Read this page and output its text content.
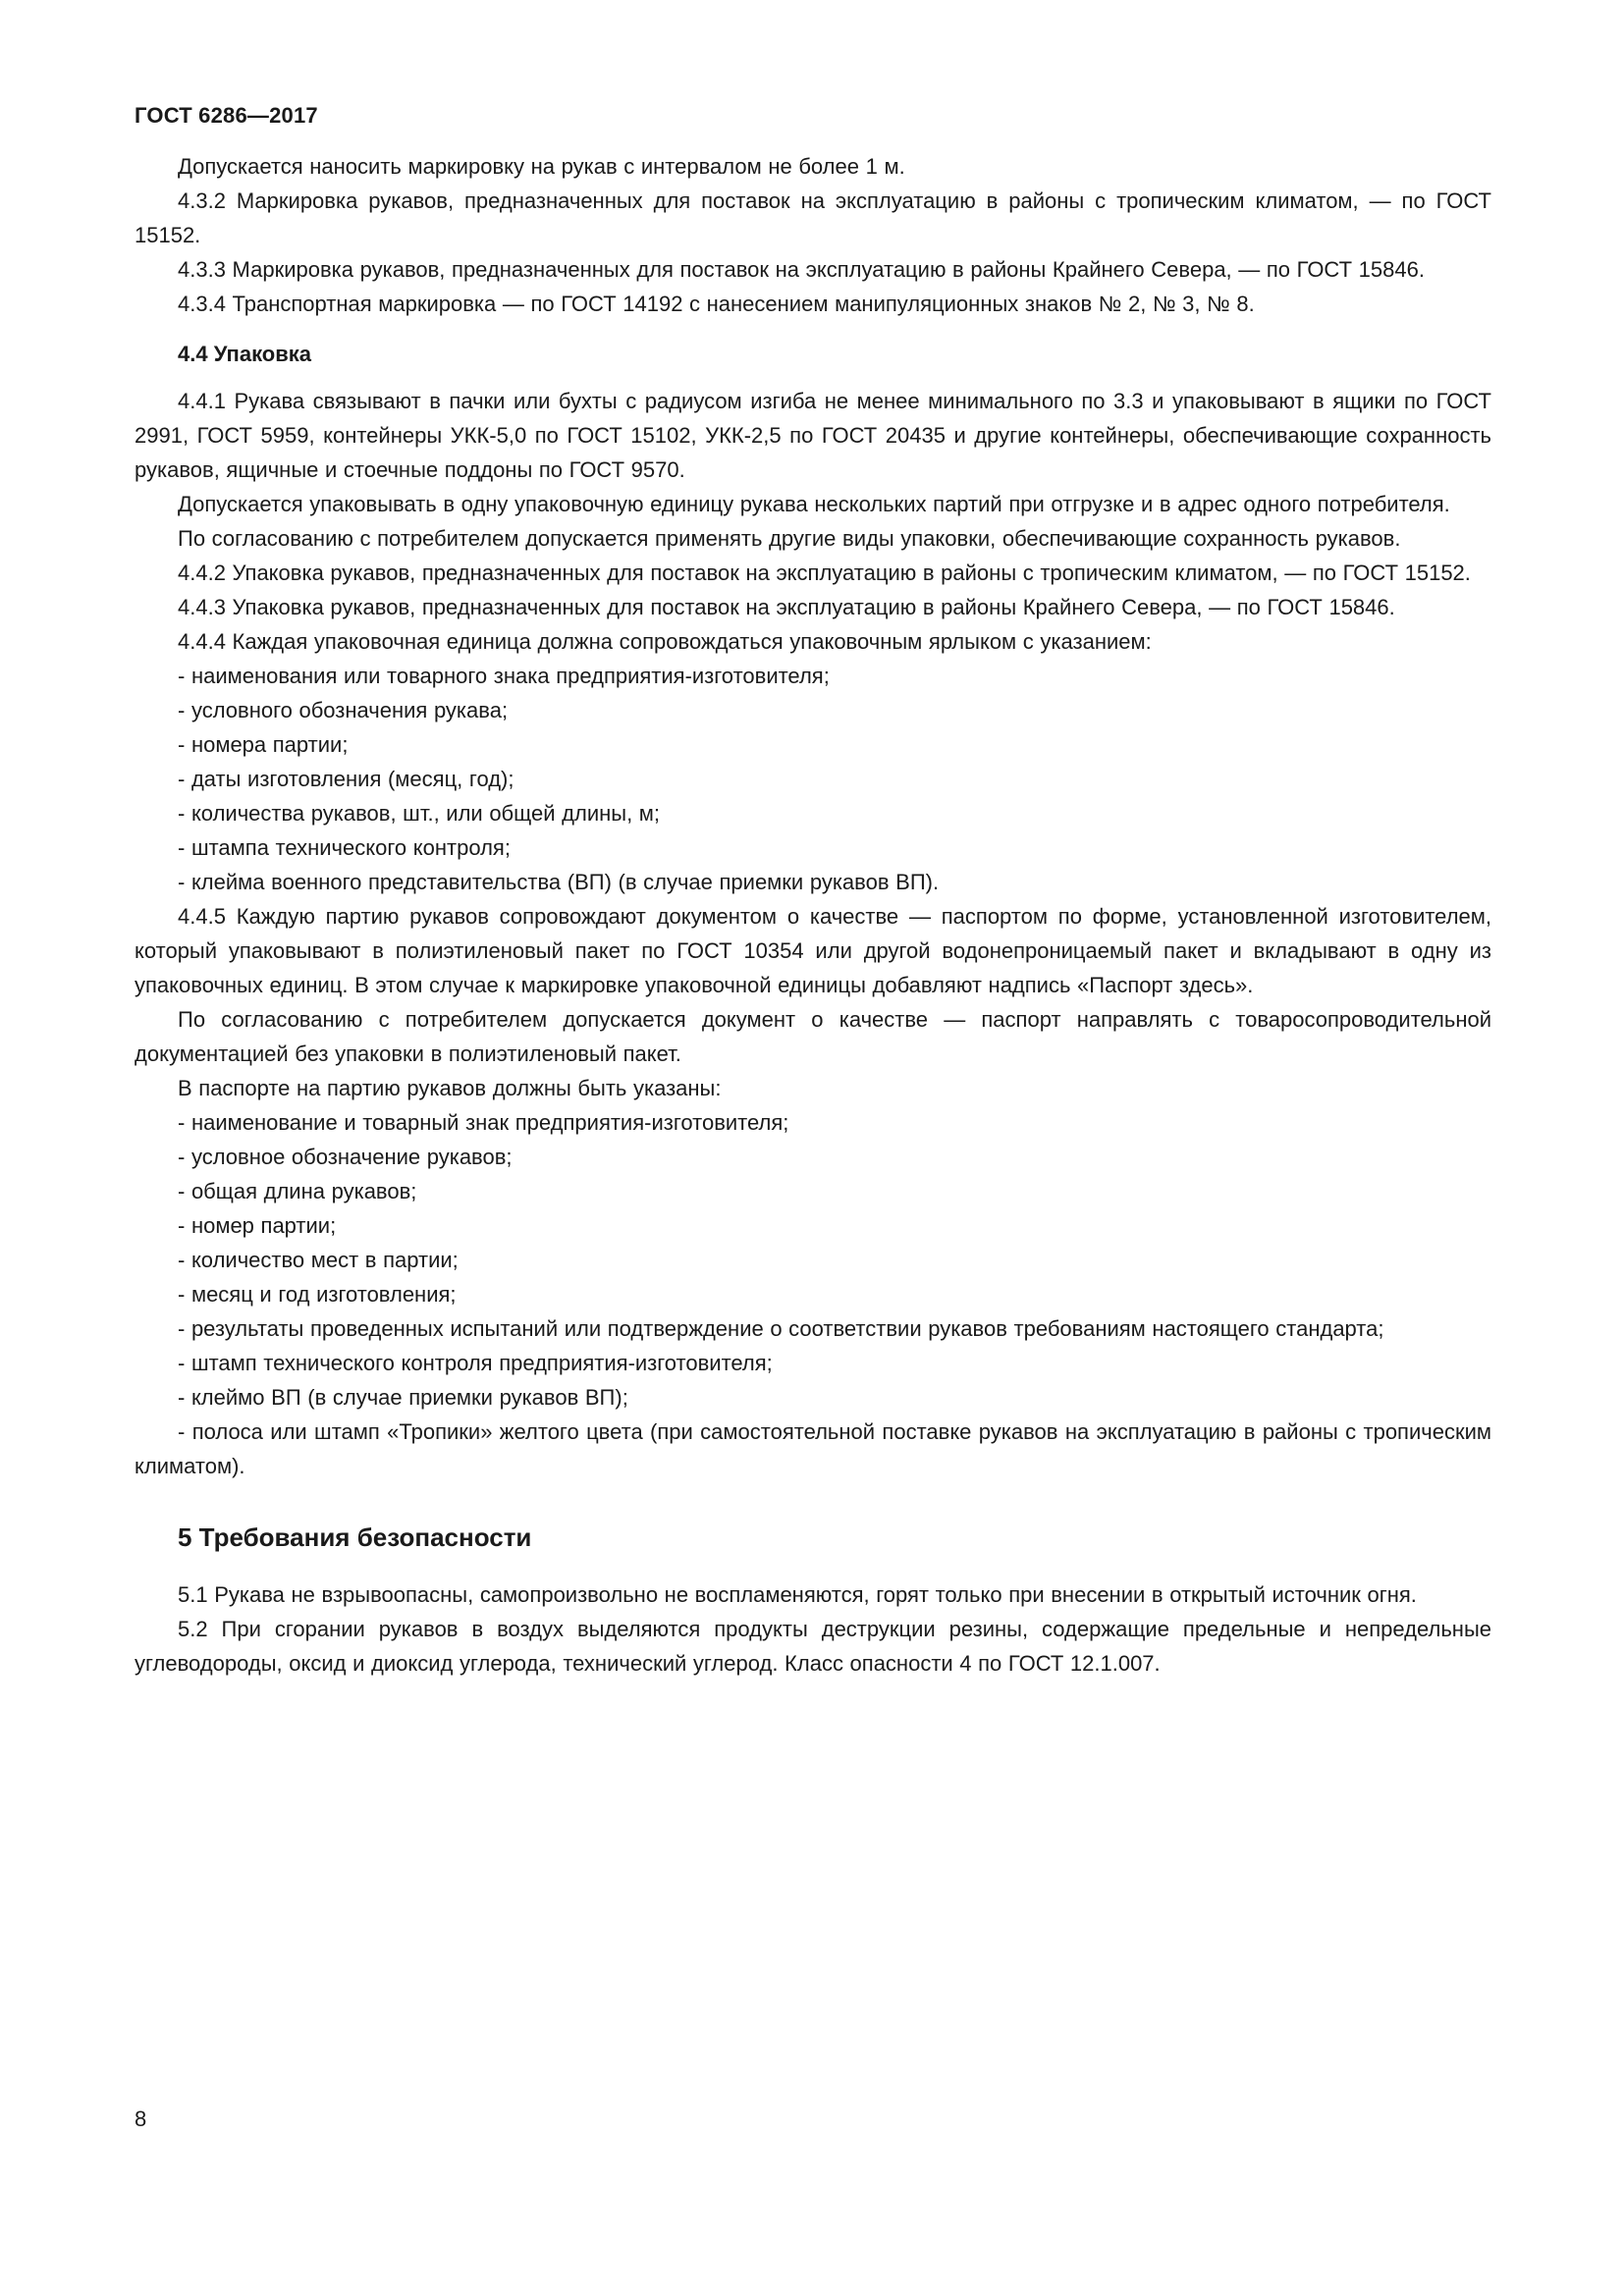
ГОСТ 6286—2017

Допускается наносить маркировку на рукав с интервалом не более 1 м.

4.3.2 Маркировка рукавов, предназначенных для поставок на эксплуатацию в районы с тропическим климатом, — по ГОСТ 15152.

4.3.3 Маркировка рукавов, предназначенных для поставок на эксплуатацию в районы Крайнего Севера, — по ГОСТ 15846.

4.3.4 Транспортная маркировка — по ГОСТ 14192 с нанесением манипуляционных знаков № 2, № 3, № 8.

4.4 Упаковка

4.4.1 Рукава связывают в пачки или бухты с радиусом изгиба не менее минимального по 3.3 и упаковывают в ящики по ГОСТ 2991, ГОСТ 5959, контейнеры УКК-5,0 по ГОСТ 15102, УКК-2,5 по ГОСТ 20435 и другие контейнеры, обеспечивающие сохранность рукавов, ящичные и стоечные поддоны по ГОСТ 9570.

Допускается упаковывать в одну упаковочную единицу рукава нескольких партий при отгрузке и в адрес одного потребителя.

По согласованию с потребителем допускается применять другие виды упаковки, обеспечивающие сохранность рукавов.

4.4.2 Упаковка рукавов, предназначенных для поставок на эксплуатацию в районы с тропическим климатом, — по ГОСТ 15152.

4.4.3 Упаковка рукавов, предназначенных для поставок на эксплуатацию в районы Крайнего Севера, — по ГОСТ 15846.

4.4.4 Каждая упаковочная единица должна сопровождаться упаковочным ярлыком с указанием:

- наименования или товарного знака предприятия-изготовителя;

- условного обозначения рукава;

- номера партии;

- даты изготовления (месяц, год);

- количества рукавов, шт., или общей длины, м;

- штампа технического контроля;

- клейма военного представительства (ВП) (в случае приемки рукавов ВП).

4.4.5 Каждую партию рукавов сопровождают документом о качестве — паспортом по форме, установленной изготовителем, который упаковывают в полиэтиленовый пакет по ГОСТ 10354 или другой водонепроницаемый пакет и вкладывают в одну из упаковочных единиц. В этом случае к маркировке упаковочной единицы добавляют надпись «Паспорт здесь».

По согласованию с потребителем допускается документ о качестве — паспорт направлять с товаросопроводительной документацией без упаковки в полиэтиленовый пакет.

В паспорте на партию рукавов должны быть указаны:

- наименование и товарный знак предприятия-изготовителя;

- условное обозначение рукавов;

- общая длина рукавов;

- номер партии;

- количество мест в партии;

- месяц и год изготовления;

- результаты проведенных испытаний или подтверждение о соответствии рукавов требованиям настоящего стандарта;

- штамп технического контроля предприятия-изготовителя;

- клеймо ВП (в случае приемки рукавов ВП);

- полоса или штамп «Тропики» желтого цвета (при самостоятельной поставке рукавов на эксплуатацию в районы с тропическим климатом).

5 Требования безопасности

5.1 Рукава не взрывоопасны, самопроизвольно не воспламеняются, горят только при внесении в открытый источник огня.

5.2 При сгорании рукавов в воздух выделяются продукты деструкции резины, содержащие предельные и непредельные углеводороды, оксид и диоксид углерода, технический углерод. Класс опасности 4 по ГОСТ 12.1.007.

8
